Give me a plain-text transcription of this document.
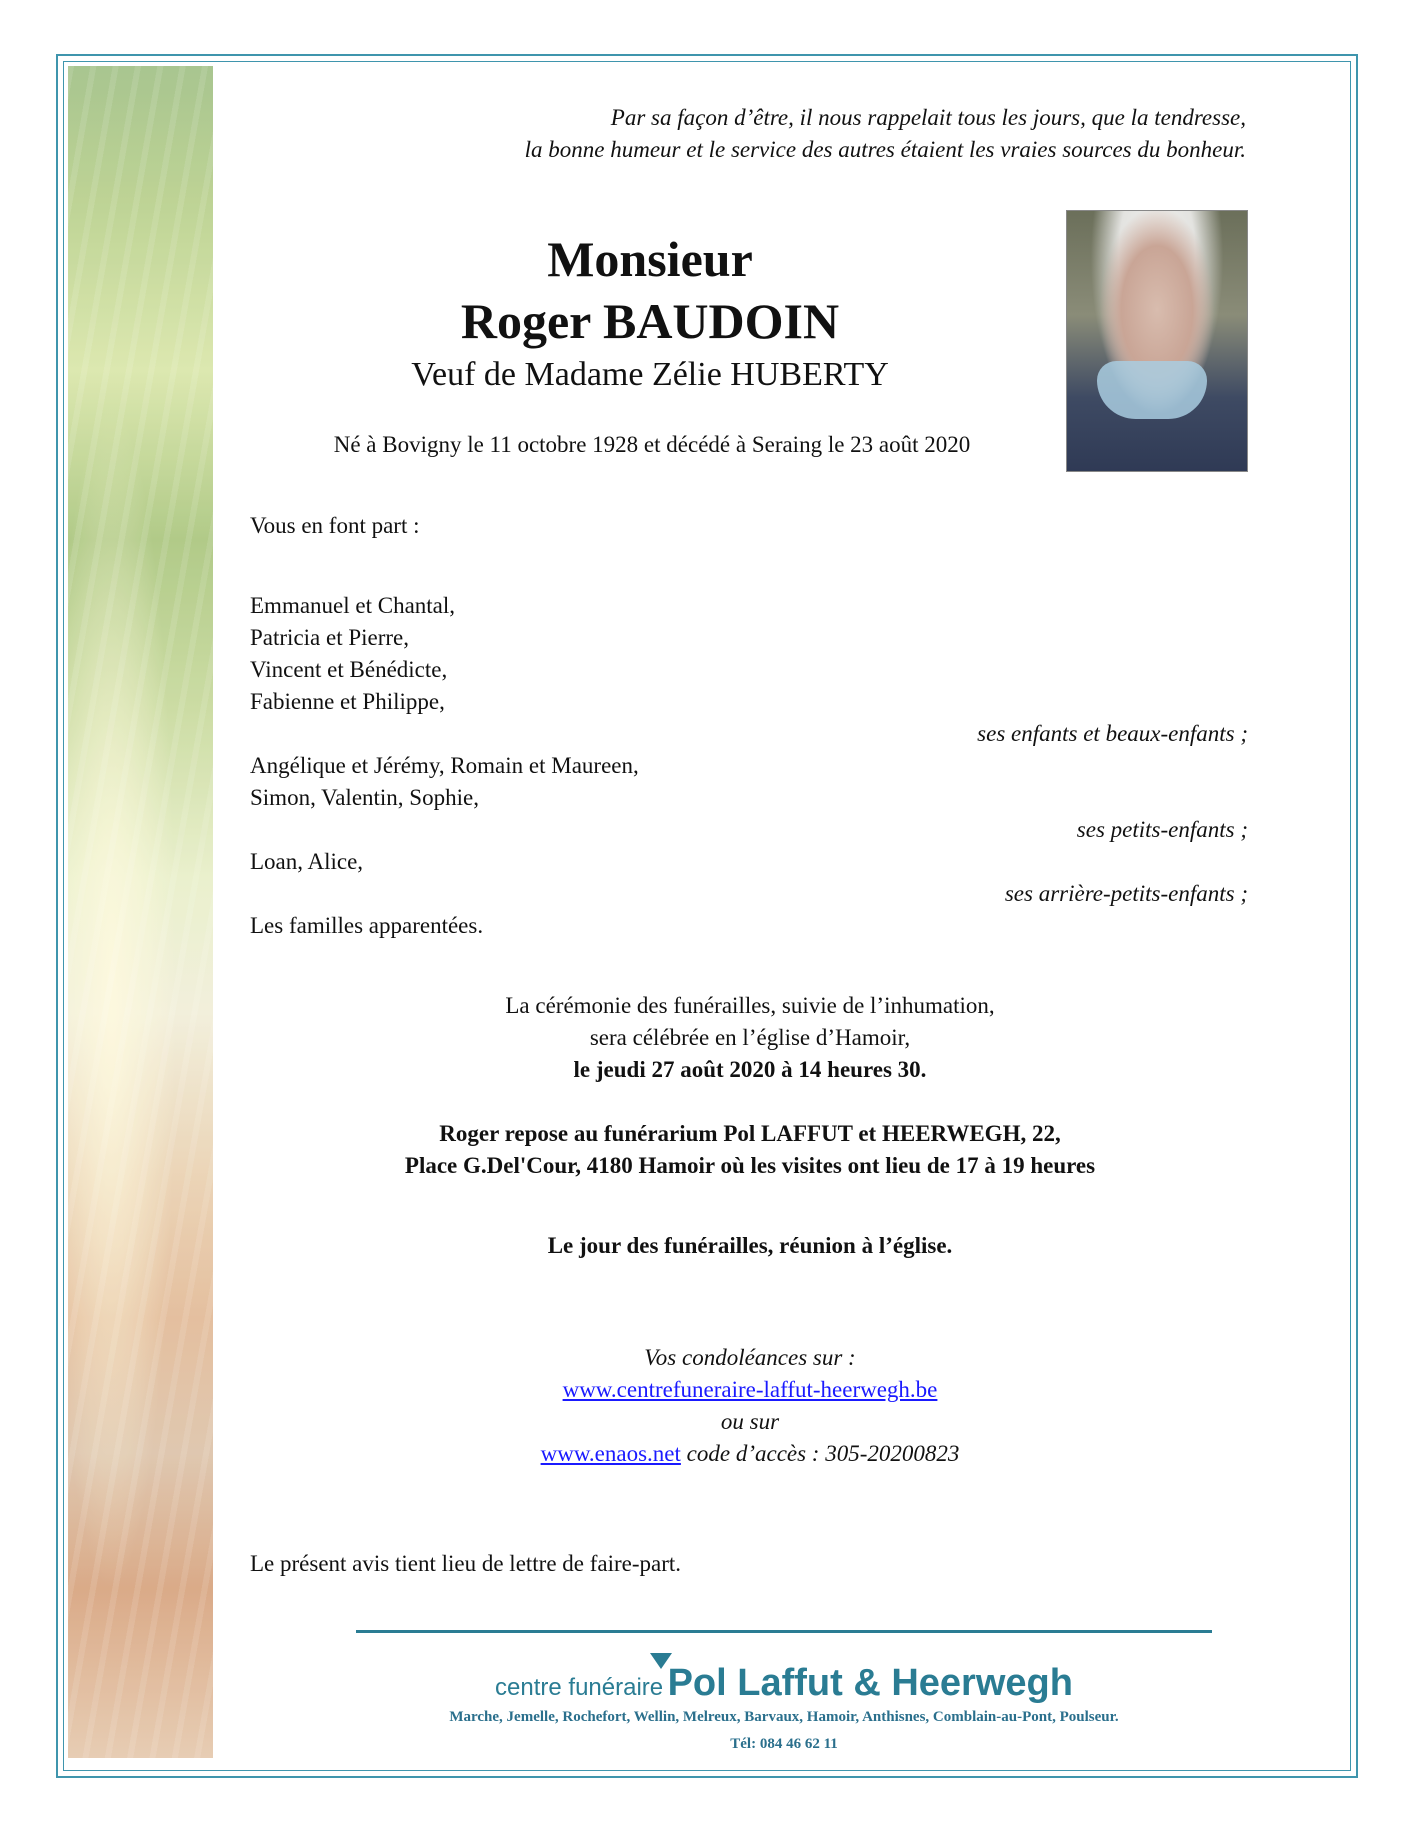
Par sa façon d’être, il nous rappelait tous les jours, que la tendresse,
la bonne humeur et le service des autres étaient les vraies sources du bonheur.
Monsieur
Roger BAUDOIN
Veuf de Madame Zélie HUBERTY
Né à Bovigny le 11 octobre 1928 et décédé à Seraing le 23 août 2020
Vous en font part :
Emmanuel et Chantal,
Patricia et Pierre,
Vincent et Bénédicte,
Fabienne et Philippe,
ses enfants et beaux-enfants ;
Angélique et Jérémy, Romain et Maureen,
Simon, Valentin, Sophie,
ses petits-enfants ;
Loan, Alice,
ses arrière-petits-enfants ;
Les familles apparentées.
La cérémonie des funérailles, suivie de l’inhumation,
sera célébrée en l’église d’Hamoir,
le jeudi 27 août 2020 à 14 heures 30.
Roger repose au funérarium Pol LAFFUT et HEERWEGH, 22,
Place G.Del'Cour, 4180 Hamoir où les visites ont lieu de 17 à 19 heures
Le jour des funérailles, réunion à l’église.
Vos condoléances sur :
www.centrefuneraire-laffut-heerwegh.be
ou sur
www.enaos.net code d’accès : 305-20200823
Le présent avis tient lieu de lettre de faire-part.
centre funéraire Pol Laffut & Heerwegh
Marche, Jemelle, Rochefort, Wellin, Melreux, Barvaux, Hamoir, Anthisnes, Comblain-au-Pont, Poulseur.
Tél: 084 46 62 11
